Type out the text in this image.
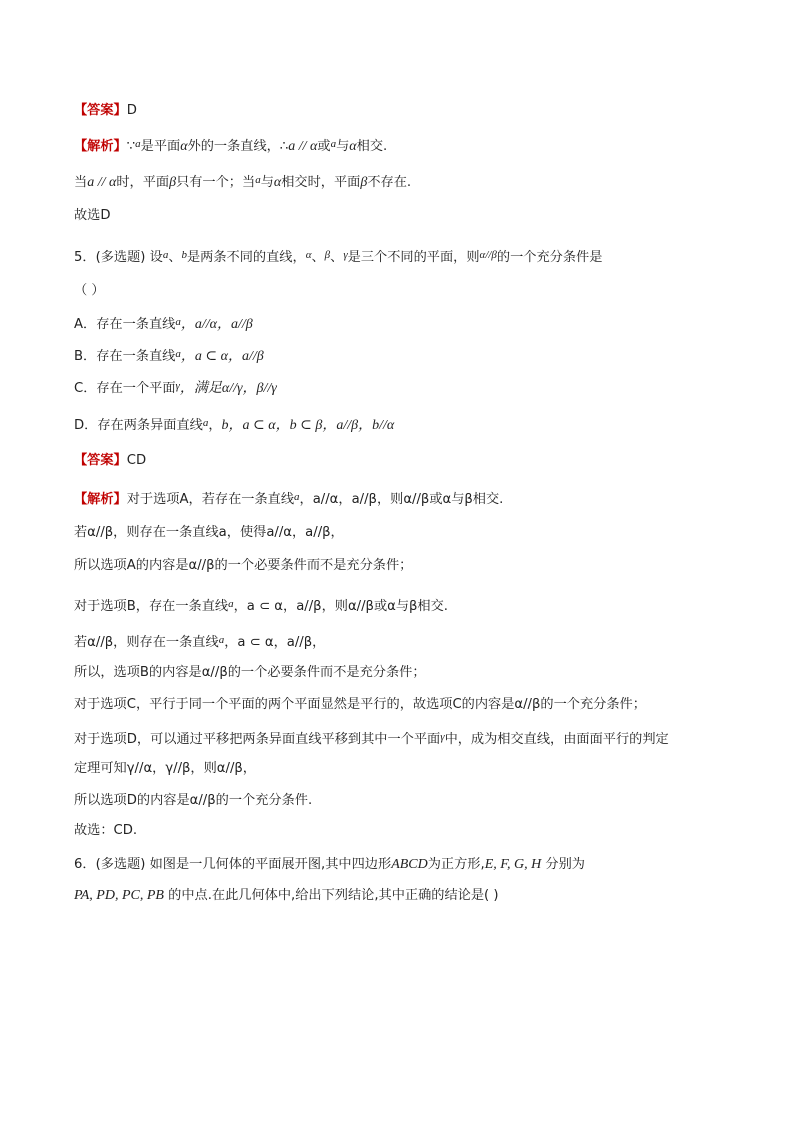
【答案】D
【解析】∵$^a$是平面α外的一条直线，∴a // α或$^a$与α相交.
当a // α时，平面β只有一个；当$^a$与α相交时，平面β不存在.
故选D
5．(多选题) 设$^a$、$^b$是两条不同的直线，$^\alpha$、$^\beta$、$^\gamma$是三个不同的平面，则$^{\alpha//\beta}$的一个充分条件是
（ ）
A．存在一条直线$^a$，a//α，a//β
B．存在一条直线$^a$，a ⊂ α，a//β
C．存在一个平面$^\gamma$，满足α//γ，β//γ
D．存在两条异面直线$^a$，b，a ⊂ α，b ⊂ β，a//β，b//α
【答案】CD
【解析】对于选项A，若存在一条直线$^a$，a//α，a//β，则α//β或α与β相交.
若α//β，则存在一条直线a，使得a//α，a//β，
所以选项A的内容是α//β的一个必要条件而不是充分条件；
对于选项B，存在一条直线$^a$，a ⊂ α，a//β，则α//β或α与β相交.
若α//β，则存在一条直线$^a$，a ⊂ α，a//β，
所以，选项B的内容是α//β的一个必要条件而不是充分条件；
对于选项C，平行于同一个平面的两个平面显然是平行的，故选项C的内容是α//β的一个充分条件；
对于选项D，可以通过平移把两条异面直线平移到其中一个平面$^\gamma$中，成为相交直线，由面面平行的判定
定理可知γ//α，γ//β，则α//β，
所以选项D的内容是α//β的一个充分条件.
故选：CD.
6．(多选题) 如图是一几何体的平面展开图,其中四边形ABCD为正方形,E, F, G, H 分别为
PA, PD, PC, PB 的中点.在此几何体中,给出下列结论,其中正确的结论是( )
